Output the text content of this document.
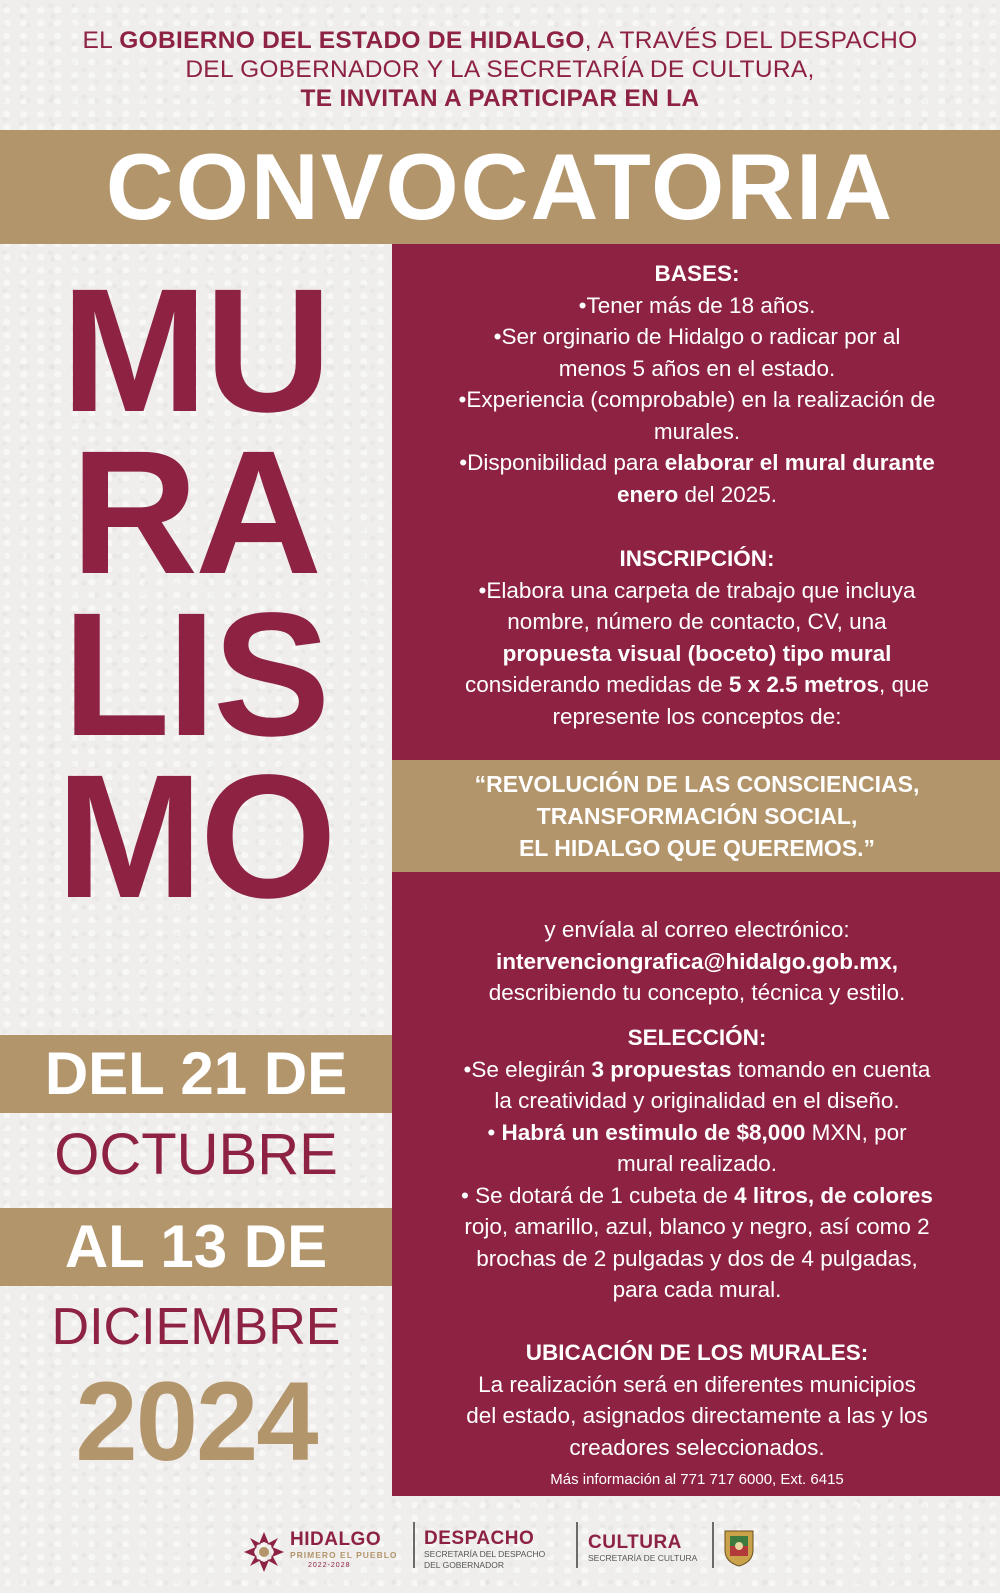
EL GOBIERNO DEL ESTADO DE HIDALGO, A TRAVÉS DEL DESPACHO
DEL GOBERNADOR Y LA SECRETARÍA DE CULTURA,
TE INVITAN A PARTICIPAR EN LA
CONVOCATORIA
MU
RA
LIS
MO
DEL 21 DE
OCTUBRE
AL 13 DE
DICIEMBRE
2024
BASES:
•Tener más de 18 años.
•Ser orginario de Hidalgo o radicar por al
menos 5 años en el estado.
•Experiencia (comprobable) en la realización de
murales.
•Disponibilidad para elaborar el mural durante
enero del 2025.
INSCRIPCIÓN:
•Elabora una carpeta de trabajo que incluya
nombre, número de contacto, CV, una
propuesta visual (boceto) tipo mural
considerando medidas de 5 x 2.5 metros, que
represente los conceptos de:
“REVOLUCIÓN DE LAS CONSCIENCIAS,
TRANSFORMACIÓN SOCIAL,
EL HIDALGO QUE QUEREMOS.”
y envíala al correo electrónico:
intervenciongrafica@hidalgo.gob.mx,
describiendo tu concepto, técnica y estilo.
SELECCIÓN:
•Se elegirán 3 propuestas tomando en cuenta
la creatividad y originalidad en el diseño.
• Habrá un estimulo de $8,000 MXN, por
mural realizado.
• Se dotará de 1 cubeta de 4 litros, de colores
rojo, amarillo, azul, blanco y negro, así como 2
brochas de 2 pulgadas y dos de 4 pulgadas,
para cada mural.
UBICACIÓN DE LOS MURALES:
La realización será en diferentes municipios
del estado, asignados directamente a las y los
creadores seleccionados.
Más información al 771 717 6000, Ext. 6415
HIDALGO
PRIMERO EL PUEBLO
2022-2028
DESPACHO
SECRETARÍA DEL DESPACHO
DEL GOBERNADOR
CULTURA
SECRETARÍA DE CULTURA
